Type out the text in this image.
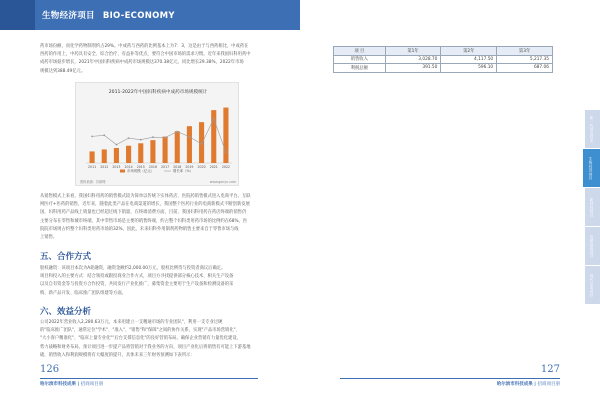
生物经济项目 BIO-ECONOMY

药市场份额，而化学药物制剂约占29%。中成药与西药的比例基本上为7：3，这是由于与西药相比，中成药在

西药的作用上，中药具有安全、综合治疗、有益补等优点，要符合中国市场的需求习惯。近年来我国妇科用药中

成药市场稳步增长，2021年中国妇科疾病中成药市场规模达370.38亿元，同比增长29.38%，2022年市场

规模达到388.49亿元。

2011-2022年中国妇科疾病中成药市场规模统计
2011 2012 2013 2014 2015 2016 2017 2018 2019 2020 2021 2022
市场规模（亿元）	增长率（%）
资料来源：共研网	www.gonyn.com

从销售模式上来看，我国妇科用药的销售模式较为简单以传统下实体药店、医院药销售模式进入电商平台。互联

网医疗+医药的销售，近年来，随着此类产品在电商渠道的增长，我国整个医药行业的电商新模式不断创新发展

国，妇科用药产品线上销量也已经超过线下销量，在终端消费方面，目前，我国妇科用药在药店终端的销售仍

主要分布在零售和城市终端，其中零售市场是主要的销售终端，约占整个妇科类用药市场的比例约在68%，医

院院市场则占约整个妇科类用药市场的32%，因此，未来妇科外用制剂药物销售主要来自于零售市场与线

上销售。

五、合作方式

股权融资：该项目本次为A轮融资，融资金额约2,000.00万元，股权比例待与投资者商议后确定。

项目和投入的主要方式：结合领投或跟投商业合作方式，项目方寻找提供部分核心技术、相关生产设备

以及自有资金等与投资方合作投资，共同发行产业化推广，募集资金主要用于生产设备和检测设备的采

购、新产品开发、临床推广团队组建等方面。

六、效益分析

公司2022年营业收入2,280.63万元，本来用建立一支精通市场的专业团队"，利用一支专业过硬

的"临床推广团队"，通常定位"学术"、"准入"、"销售"和"保障"之间的协作关系，实现"产品市场营销化"、

"大小客户精准化"、"临床上量专业化""后台支撑信息化"的良好营销布局。确保企业营销有力量优化建设，

势力战略和财务布局，预计项目进一步提产品将营销对于我业务的方向，项目产业化后将销售有可能上下游基地

础，销售收入和利润规模将有大幅度的提升，具体未来三年财务预测如下表所示：

126
哈尔滨市科技成果 | 招商项目册
项 目	第1年	第2年	第3年
销售收入	3,028.70	4,117.50	5,217.35
利税总额	391.50	596.10	687.06
新一代信息技术
生物经济项目
新材料项目
高端装备项目
现代农业项目
127
哈尔滨市科技成果 | 招商项目册
